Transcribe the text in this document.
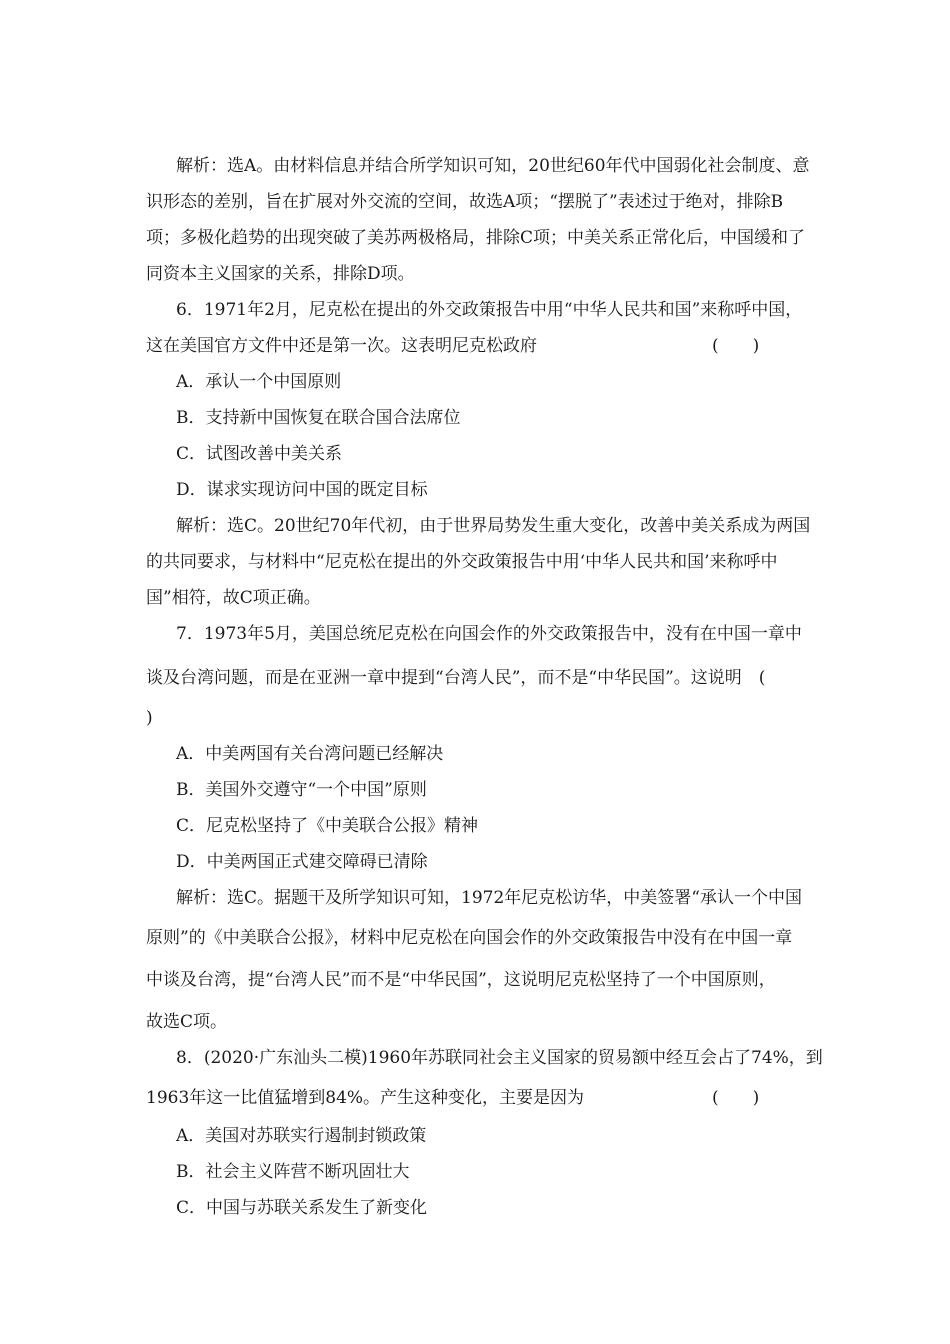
解析：选A。由材料信息并结合所学知识可知，20世纪60年代中国弱化社会制度、意
识形态的差别，旨在扩展对外交流的空间，故选A项；“摆脱了”表述过于绝对，排除B
项；多极化趋势的出现突破了美苏两极格局，排除C项；中美关系正常化后，中国缓和了
同资本主义国家的关系，排除D项。
6．1971年2月，尼克松在提出的外交政策报告中用“中华人民共和国”来称呼中国，
这在美国官方文件中还是第一次。这表明尼克松政府	(　　)
A．承认一个中国原则
B．支持新中国恢复在联合国合法席位
C．试图改善中美关系
D．谋求实现访问中国的既定目标
解析：选C。20世纪70年代初，由于世界局势发生重大变化，改善中美关系成为两国
的共同要求，与材料中“尼克松在提出的外交政策报告中用‘中华人民共和国’来称呼中
国”相符，故C项正确。
7．1973年5月，美国总统尼克松在向国会作的外交政策报告中，没有在中国一章中
谈及台湾问题，而是在亚洲一章中提到“台湾人民”，而不是“中华民国”。这说明　(
)
A．中美两国有关台湾问题已经解决
B．美国外交遵守“一个中国”原则
C．尼克松坚持了《中美联合公报》精神
D．中美两国正式建交障碍已清除
解析：选C。据题干及所学知识可知，1972年尼克松访华，中美签署“承认一个中国
原则”的《中美联合公报》，材料中尼克松在向国会作的外交政策报告中没有在中国一章
中谈及台湾，提“台湾人民”而不是“中华民国”，这说明尼克松坚持了一个中国原则，
故选C项。
8．(2020·广东汕头二模)1960年苏联同社会主义国家的贸易额中经互会占了74%，到
1963年这一比值猛增到84%。产生这种变化，主要是因为	(　　)
A．美国对苏联实行遏制封锁政策
B．社会主义阵营不断巩固壮大
C．中国与苏联关系发生了新变化
